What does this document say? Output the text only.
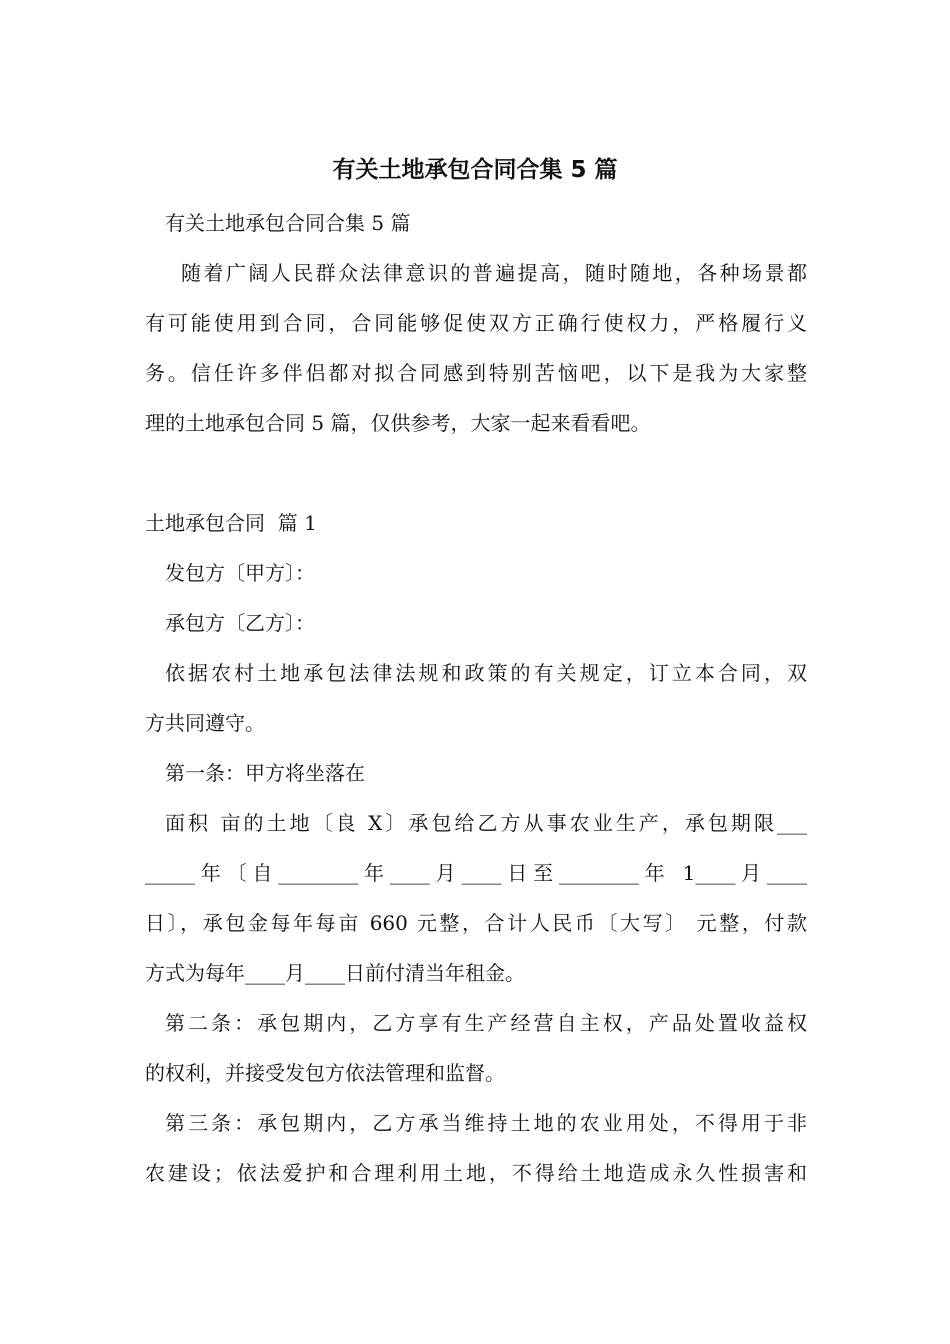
有关土地承包合同合集 5 篇

有关土地承包合同合集 5 篇

随着广阔人民群众法律意识的普遍提高，随时随地，各种场景都
有可能使用到合同，合同能够促使双方正确行使权力，严格履行义
务。信任许多伴侣都对拟合同感到特别苦恼吧，以下是我为大家整
理的土地承包合同 5 篇，仅供参考，大家一起来看看吧。

土地承包合同  篇 1

发包方〔甲方〕：

承包方〔乙方〕：

依据农村土地承包法律法规和政策的有关规定，订立本合同，双
方共同遵守。

第一条：甲方将坐落在

面积 亩的土地〔良 X〕承包给乙方从事农业生产，承包期限___
_____年〔自________年____月____日至________年 1____月____
日〕，承包金每年每亩 660 元整，合计人民币〔大写〕 元整，付款
方式为每年____月____日前付清当年租金。
第二条：承包期内，乙方享有生产经营自主权，产品处置收益权
的权利，并接受发包方依法管理和监督。
第三条：承包期内，乙方承当维持土地的农业用处，不得用于非
农建设；依法爱护和合理利用土地，不得给土地造成永久性损害和
